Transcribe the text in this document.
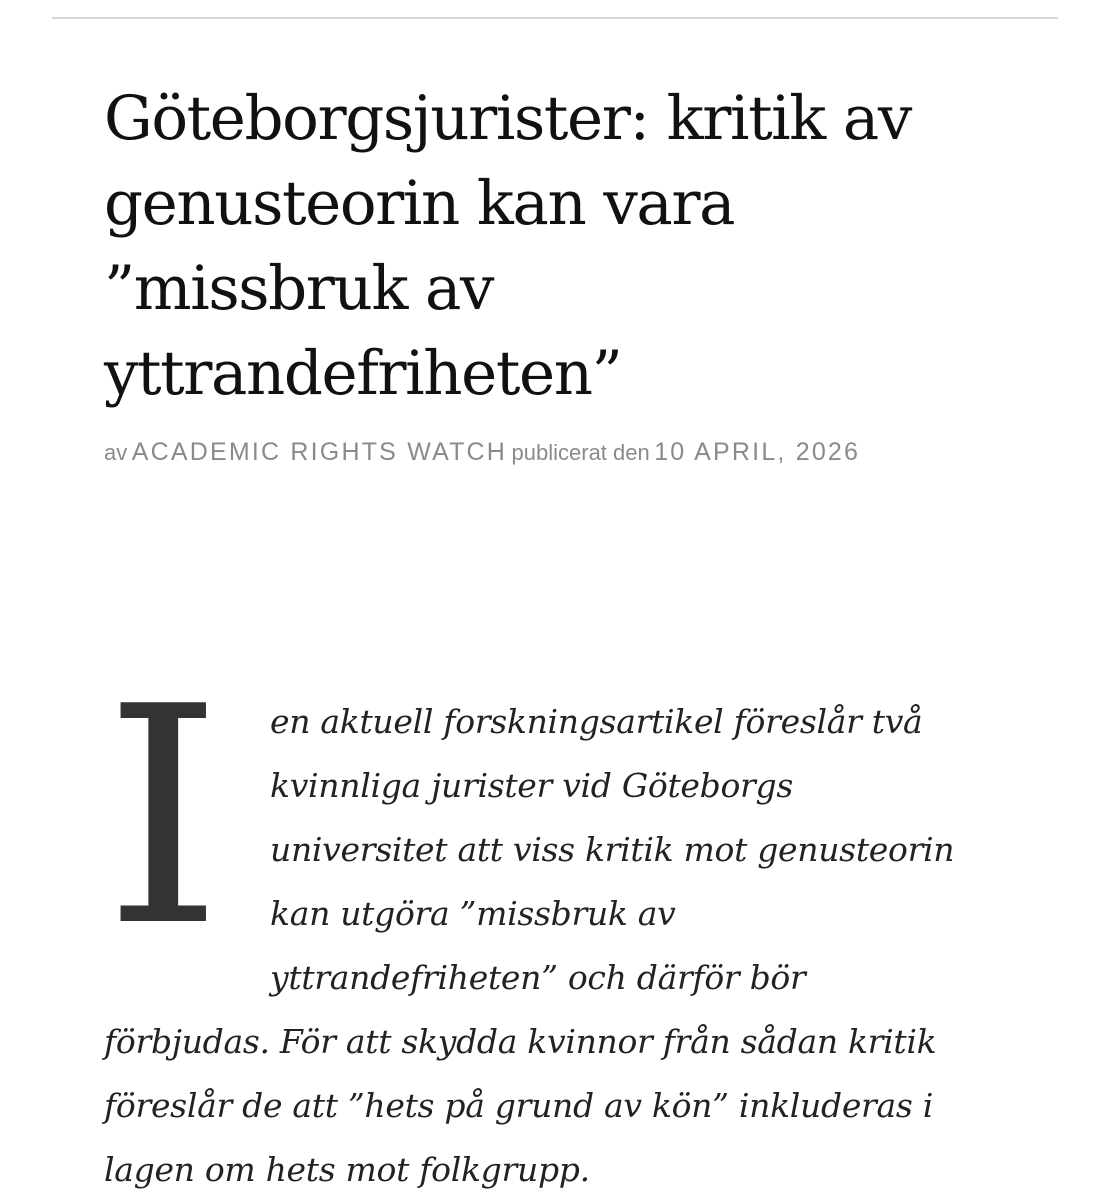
Göteborgsjurister: kritik av genusteorin kan vara ”missbruk av yttrandefriheten”
av ACADEMIC RIGHTS WATCH publicerat den 10 APRIL, 2026

I	en aktuell forskningsartikel föreslår två kvinnliga jurister vid Göteborgs universitet att viss kritik mot genusteorin kan utgöra ”missbruk av yttrandefriheten” och därför bör förbjudas. För att skydda kvinnor från sådan kritik föreslår de att ”hets på grund av kön” inkluderas i lagen om hets mot folkgrupp.
